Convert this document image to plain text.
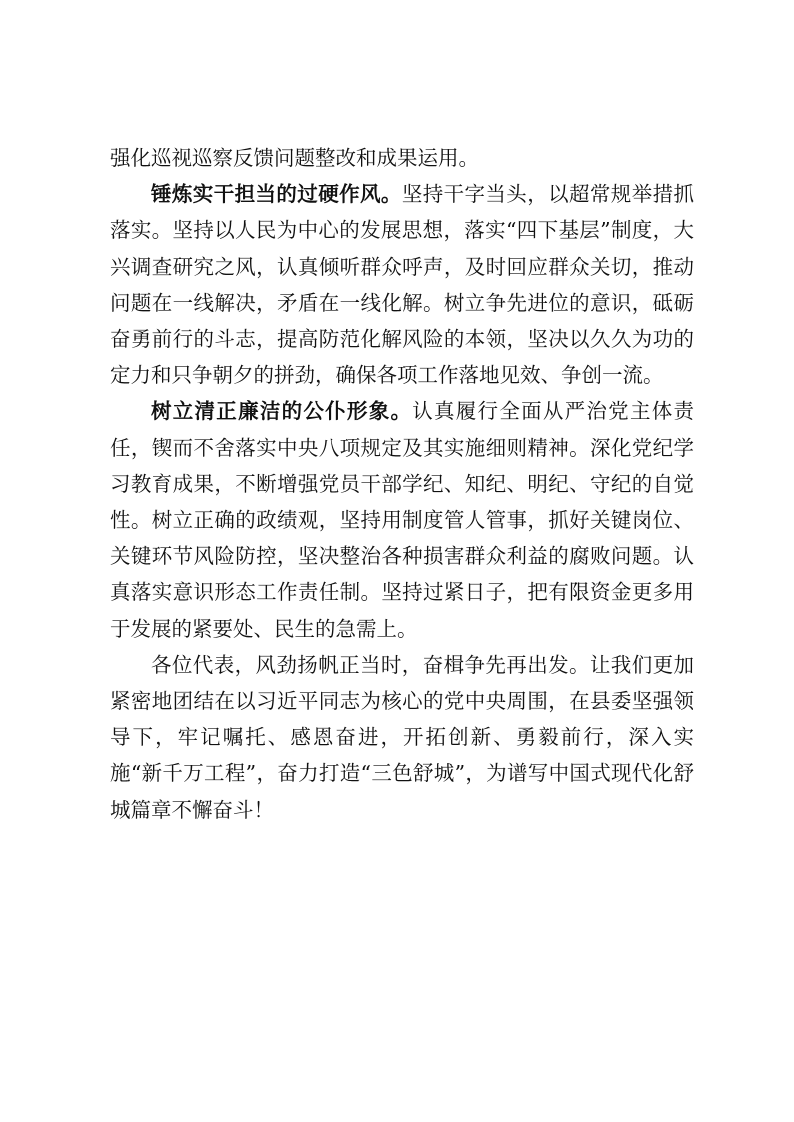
强化巡视巡察反馈问题整改和成果运用。

锤炼实干担当的过硬作风。坚持干字当头，以超常规举措抓落实。坚持以人民为中心的发展思想，落实“四下基层”制度，大兴调查研究之风，认真倾听群众呼声，及时回应群众关切，推动问题在一线解决，矛盾在一线化解。树立争先进位的意识，砥砺奋勇前行的斗志，提高防范化解风险的本领，坚决以久久为功的定力和只争朝夕的拼劲，确保各项工作落地见效、争创一流。

树立清正廉洁的公仆形象。认真履行全面从严治党主体责任，锲而不舍落实中央八项规定及其实施细则精神。深化党纪学习教育成果，不断增强党员干部学纪、知纪、明纪、守纪的自觉性。树立正确的政绩观，坚持用制度管人管事，抓好关键岗位、关键环节风险防控，坚决整治各种损害群众利益的腐败问题。认真落实意识形态工作责任制。坚持过紧日子，把有限资金更多用于发展的紧要处、民生的急需上。

各位代表，风劲扬帆正当时，奋楫争先再出发。让我们更加紧密地团结在以习近平同志为核心的党中央周围，在县委坚强领导下，牢记嘱托、感恩奋进，开拓创新、勇毅前行，深入实施“新千万工程”，奋力打造“三色舒城”，为谱写中国式现代化舒城篇章不懈奋斗！
